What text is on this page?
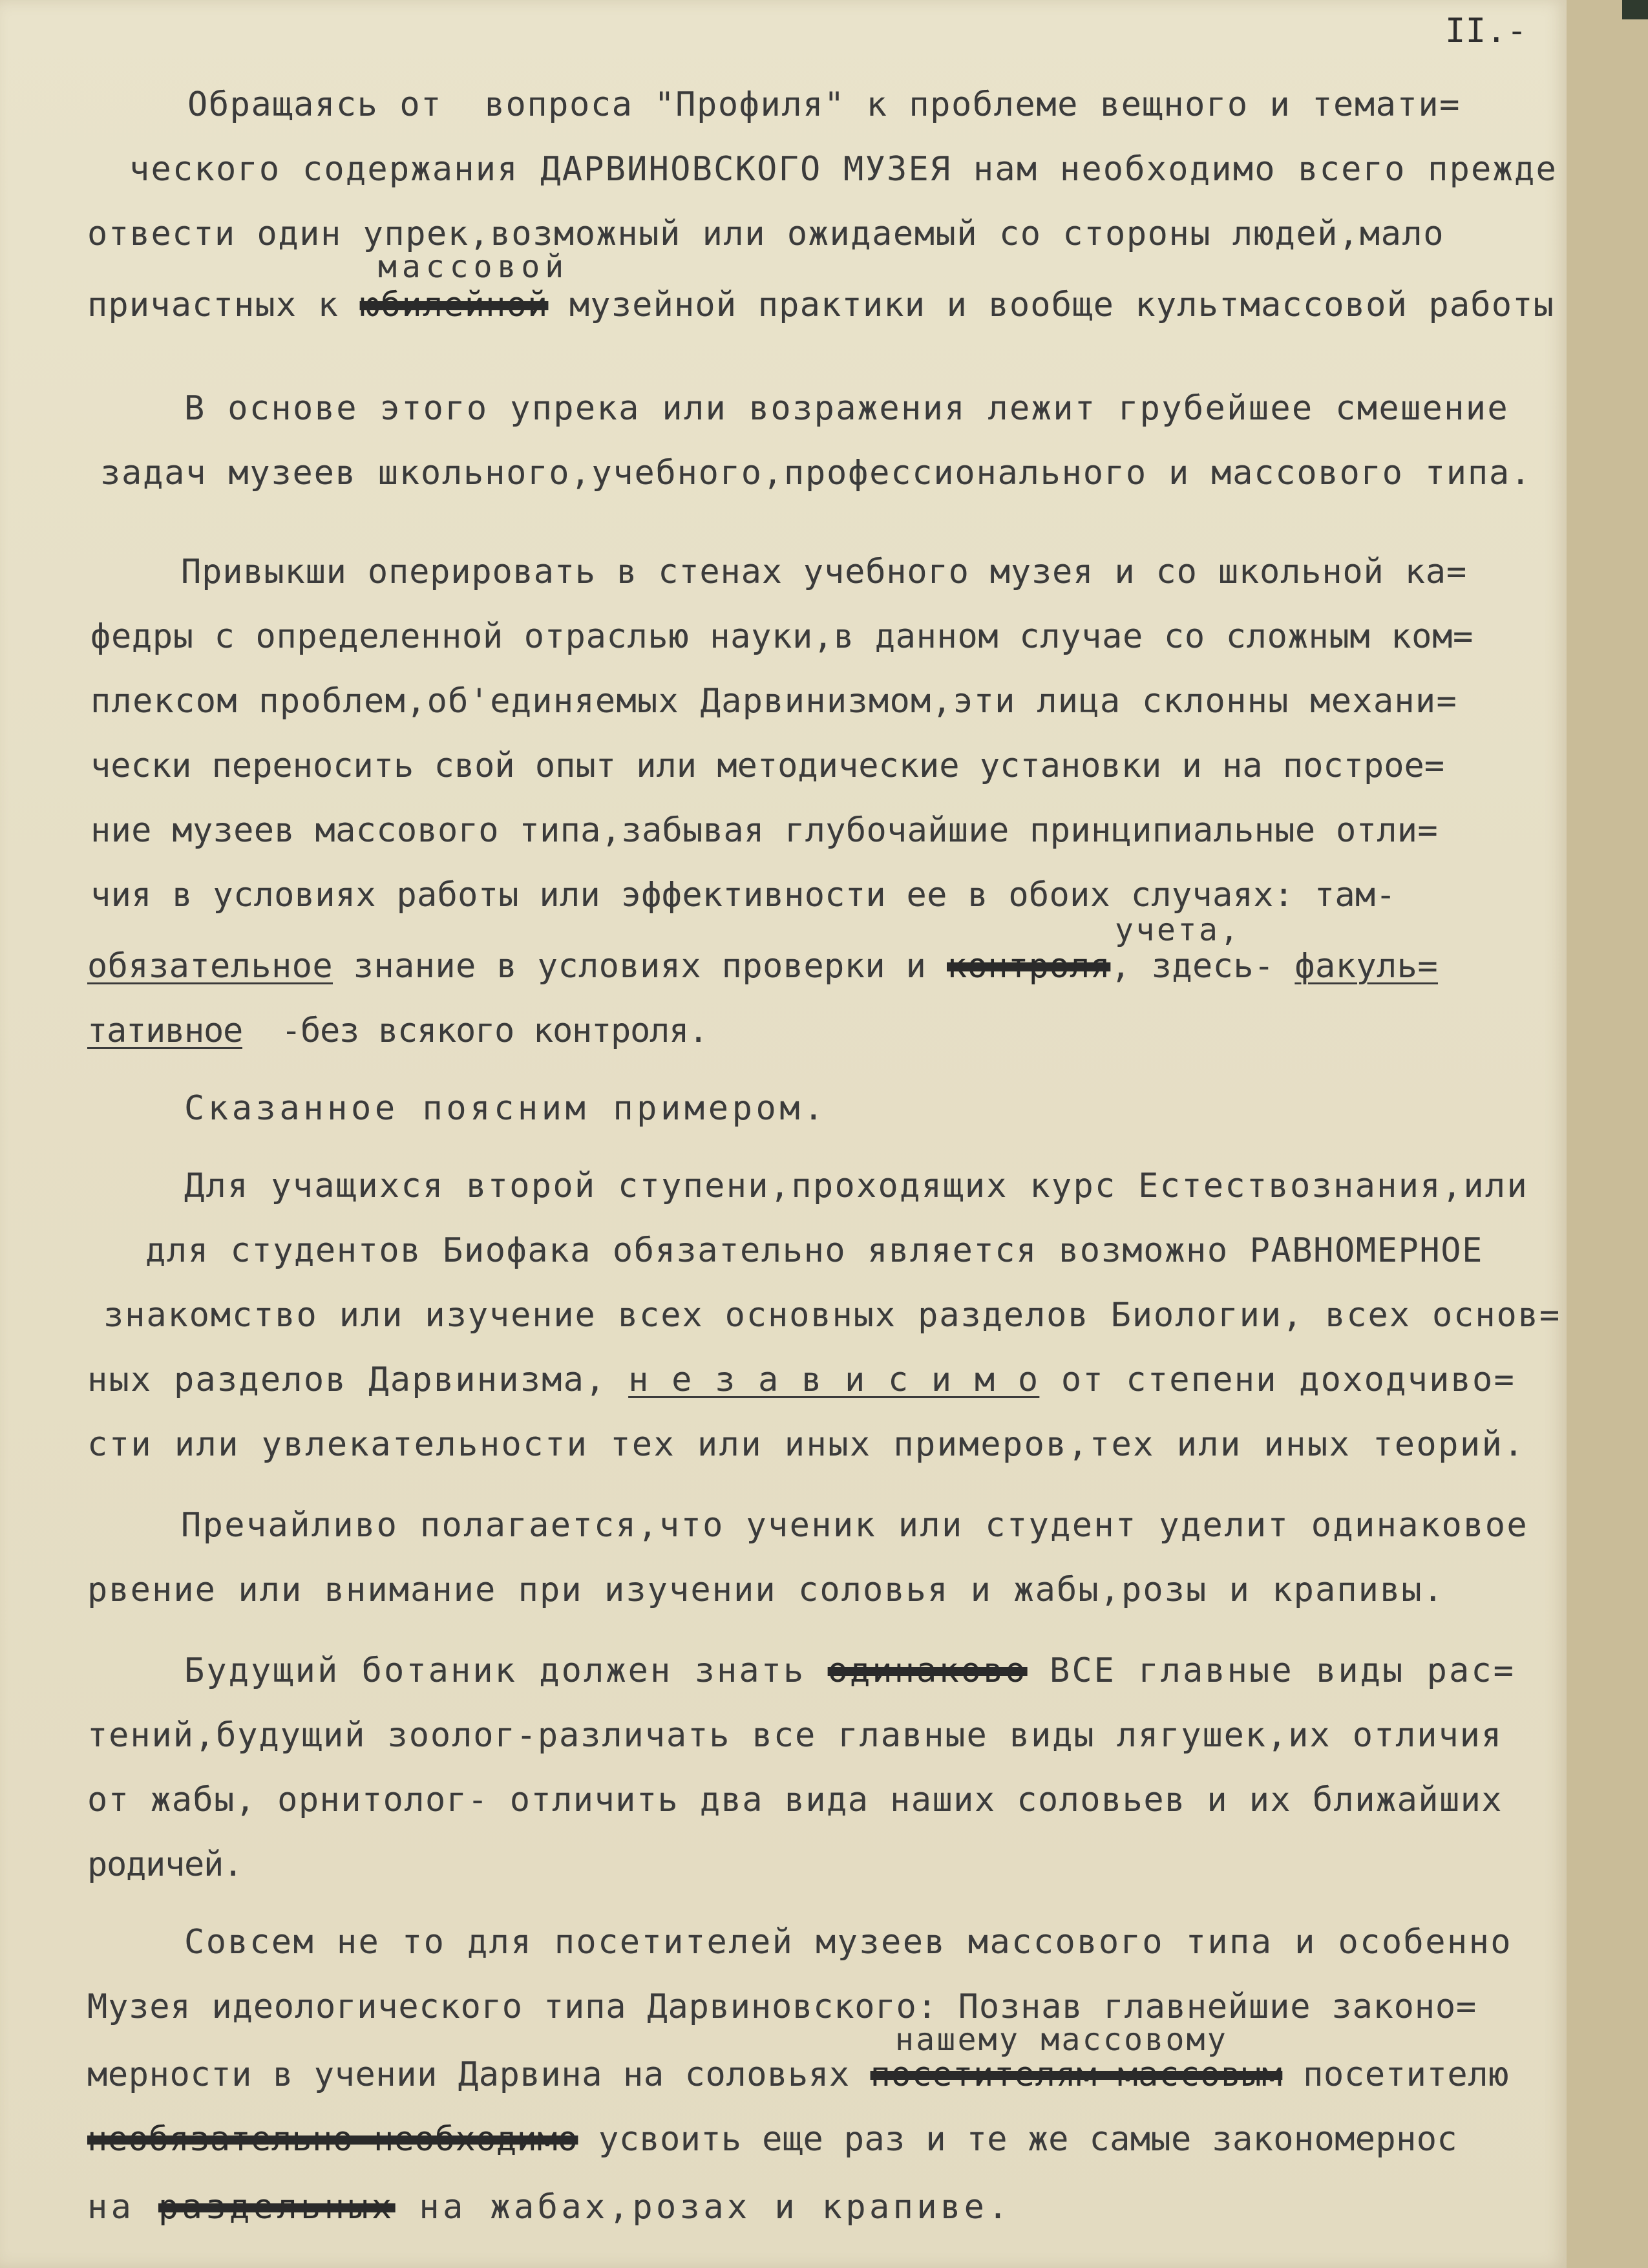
II.-
Обращаясь от  вопроса "Профиля" к проблеме вещного и темати=
ческого содержания ДАРВИНОВСКОГО МУЗЕЯ нам необходимо всего прежде
отвести один упрек,возможный или ожидаемый со стороны людей,мало
массовой
причастных к юбилейной музейной практики и вообще культмассовой работы
В основе этого упрека или возражения лежит грубейшее смешение
задач музеев школьного,учебного,профессионального и массового типа.
Привыкши оперировать в стенах учебного музея и со школьной ка=
федры с определенной отраслью науки,в данном случае со сложным ком=
плексом проблем,об'единяемых Дарвинизмом,эти лица склонны механи=
чески переносить свой опыт или методические установки и на построе=
ние музеев массового типа,забывая глубочайшие принципиальные отли=
чия в условиях работы или эффективности ее в обоих случаях: там-
учета,
обязательное знание в условиях проверки и контроля, здесь- факуль=
тативное  -без всякого контроля.
Сказанное поясним примером.
Для учащихся второй ступени,проходящих курс Естествознания,или
для студентов Биофака обязательно является возможно РАВНОМЕРНОЕ
знакомство или изучение всех основных разделов Биологии, всех основ=
ных разделов Дарвинизма, н е з а в и с и м о от степени доходчиво=
сти или увлекательности тех или иных примеров,тех или иных теорий.
Пречайливо полагается,что ученик или студент уделит одинаковое
рвение или внимание при изучении соловья и жабы,розы и крапивы.
Будущий ботаник должен знать одинаково ВСЕ главные виды рас=
тений,будущий зоолог-различать все главные виды лягушек,их отличия
от жабы, орнитолог- отличить два вида наших соловьев и их ближайших
родичей.
Совсем не то для посетителей музеев массового типа и особенно
Музея идеологического типа Дарвиновского: Познав главнейшие законо=
нашему массовому
мерности в учении Дарвина на соловьях посетителям массовым посетителю
необязательно необходимо усвоить еще раз и те же самые закономернос
на раздельных на жабах,розах и крапиве.
